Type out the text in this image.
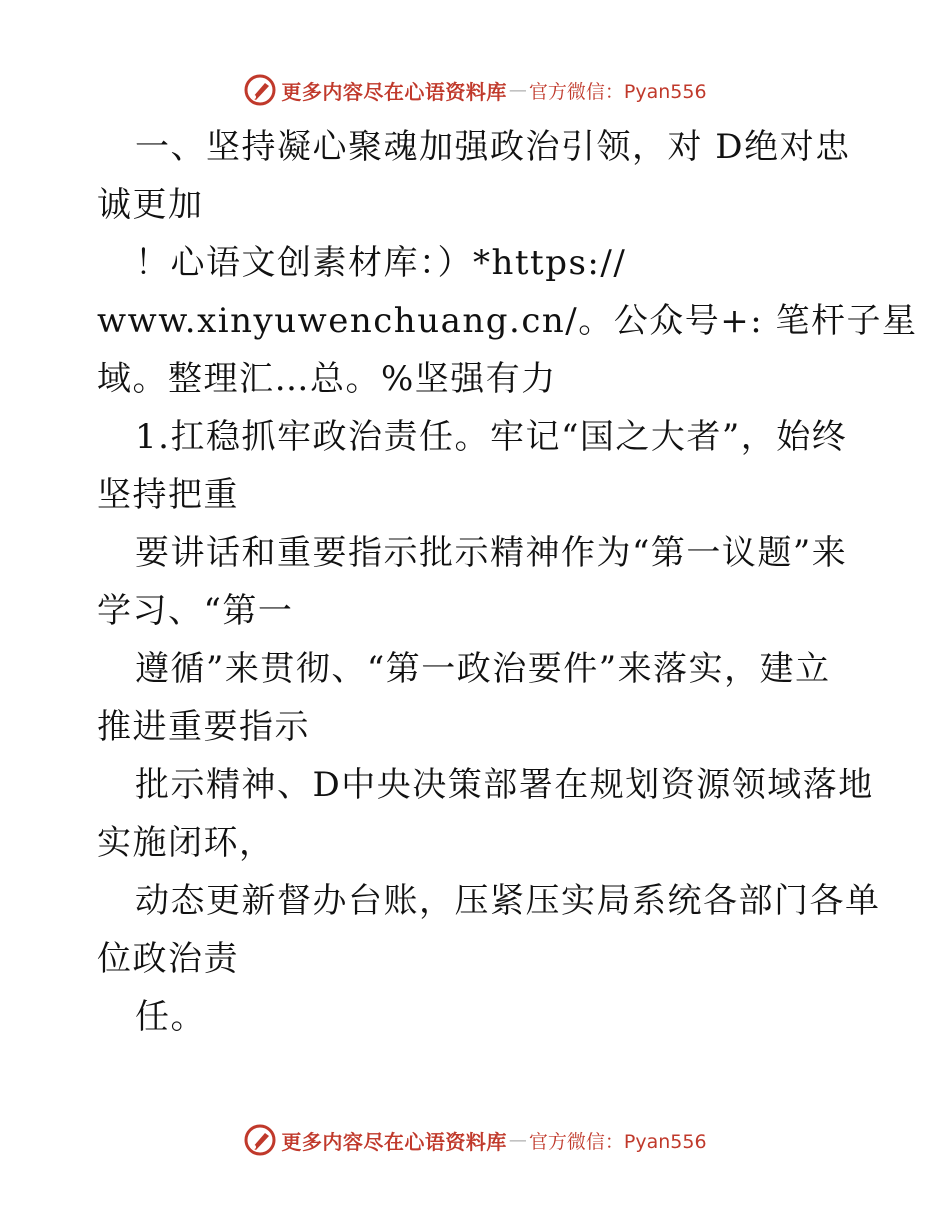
更多内容尽在心语资料库 — 官方微信：Pyan556

一、坚持凝心聚魂加强政治引领，对 D绝对忠

诚更加

！心语文创素材库：）*https://

www.xinyuwenchuang.cn/。公众号+: 笔杆子星

域。整理汇…总。%坚强有力

1.扛稳抓牢政治责任。牢记“国之大者”，始终

坚持把重

要讲话和重要指示批示精神作为“第一议题”来

学习、“第一

遵循”来贯彻、“第一政治要件”来落实，建立

推进重要指示

批示精神、D中央决策部署在规划资源领域落地

实施闭环，

动态更新督办台账，压紧压实局系统各部门各单

位政治责

任。

更多内容尽在心语资料库 — 官方微信：Pyan556
